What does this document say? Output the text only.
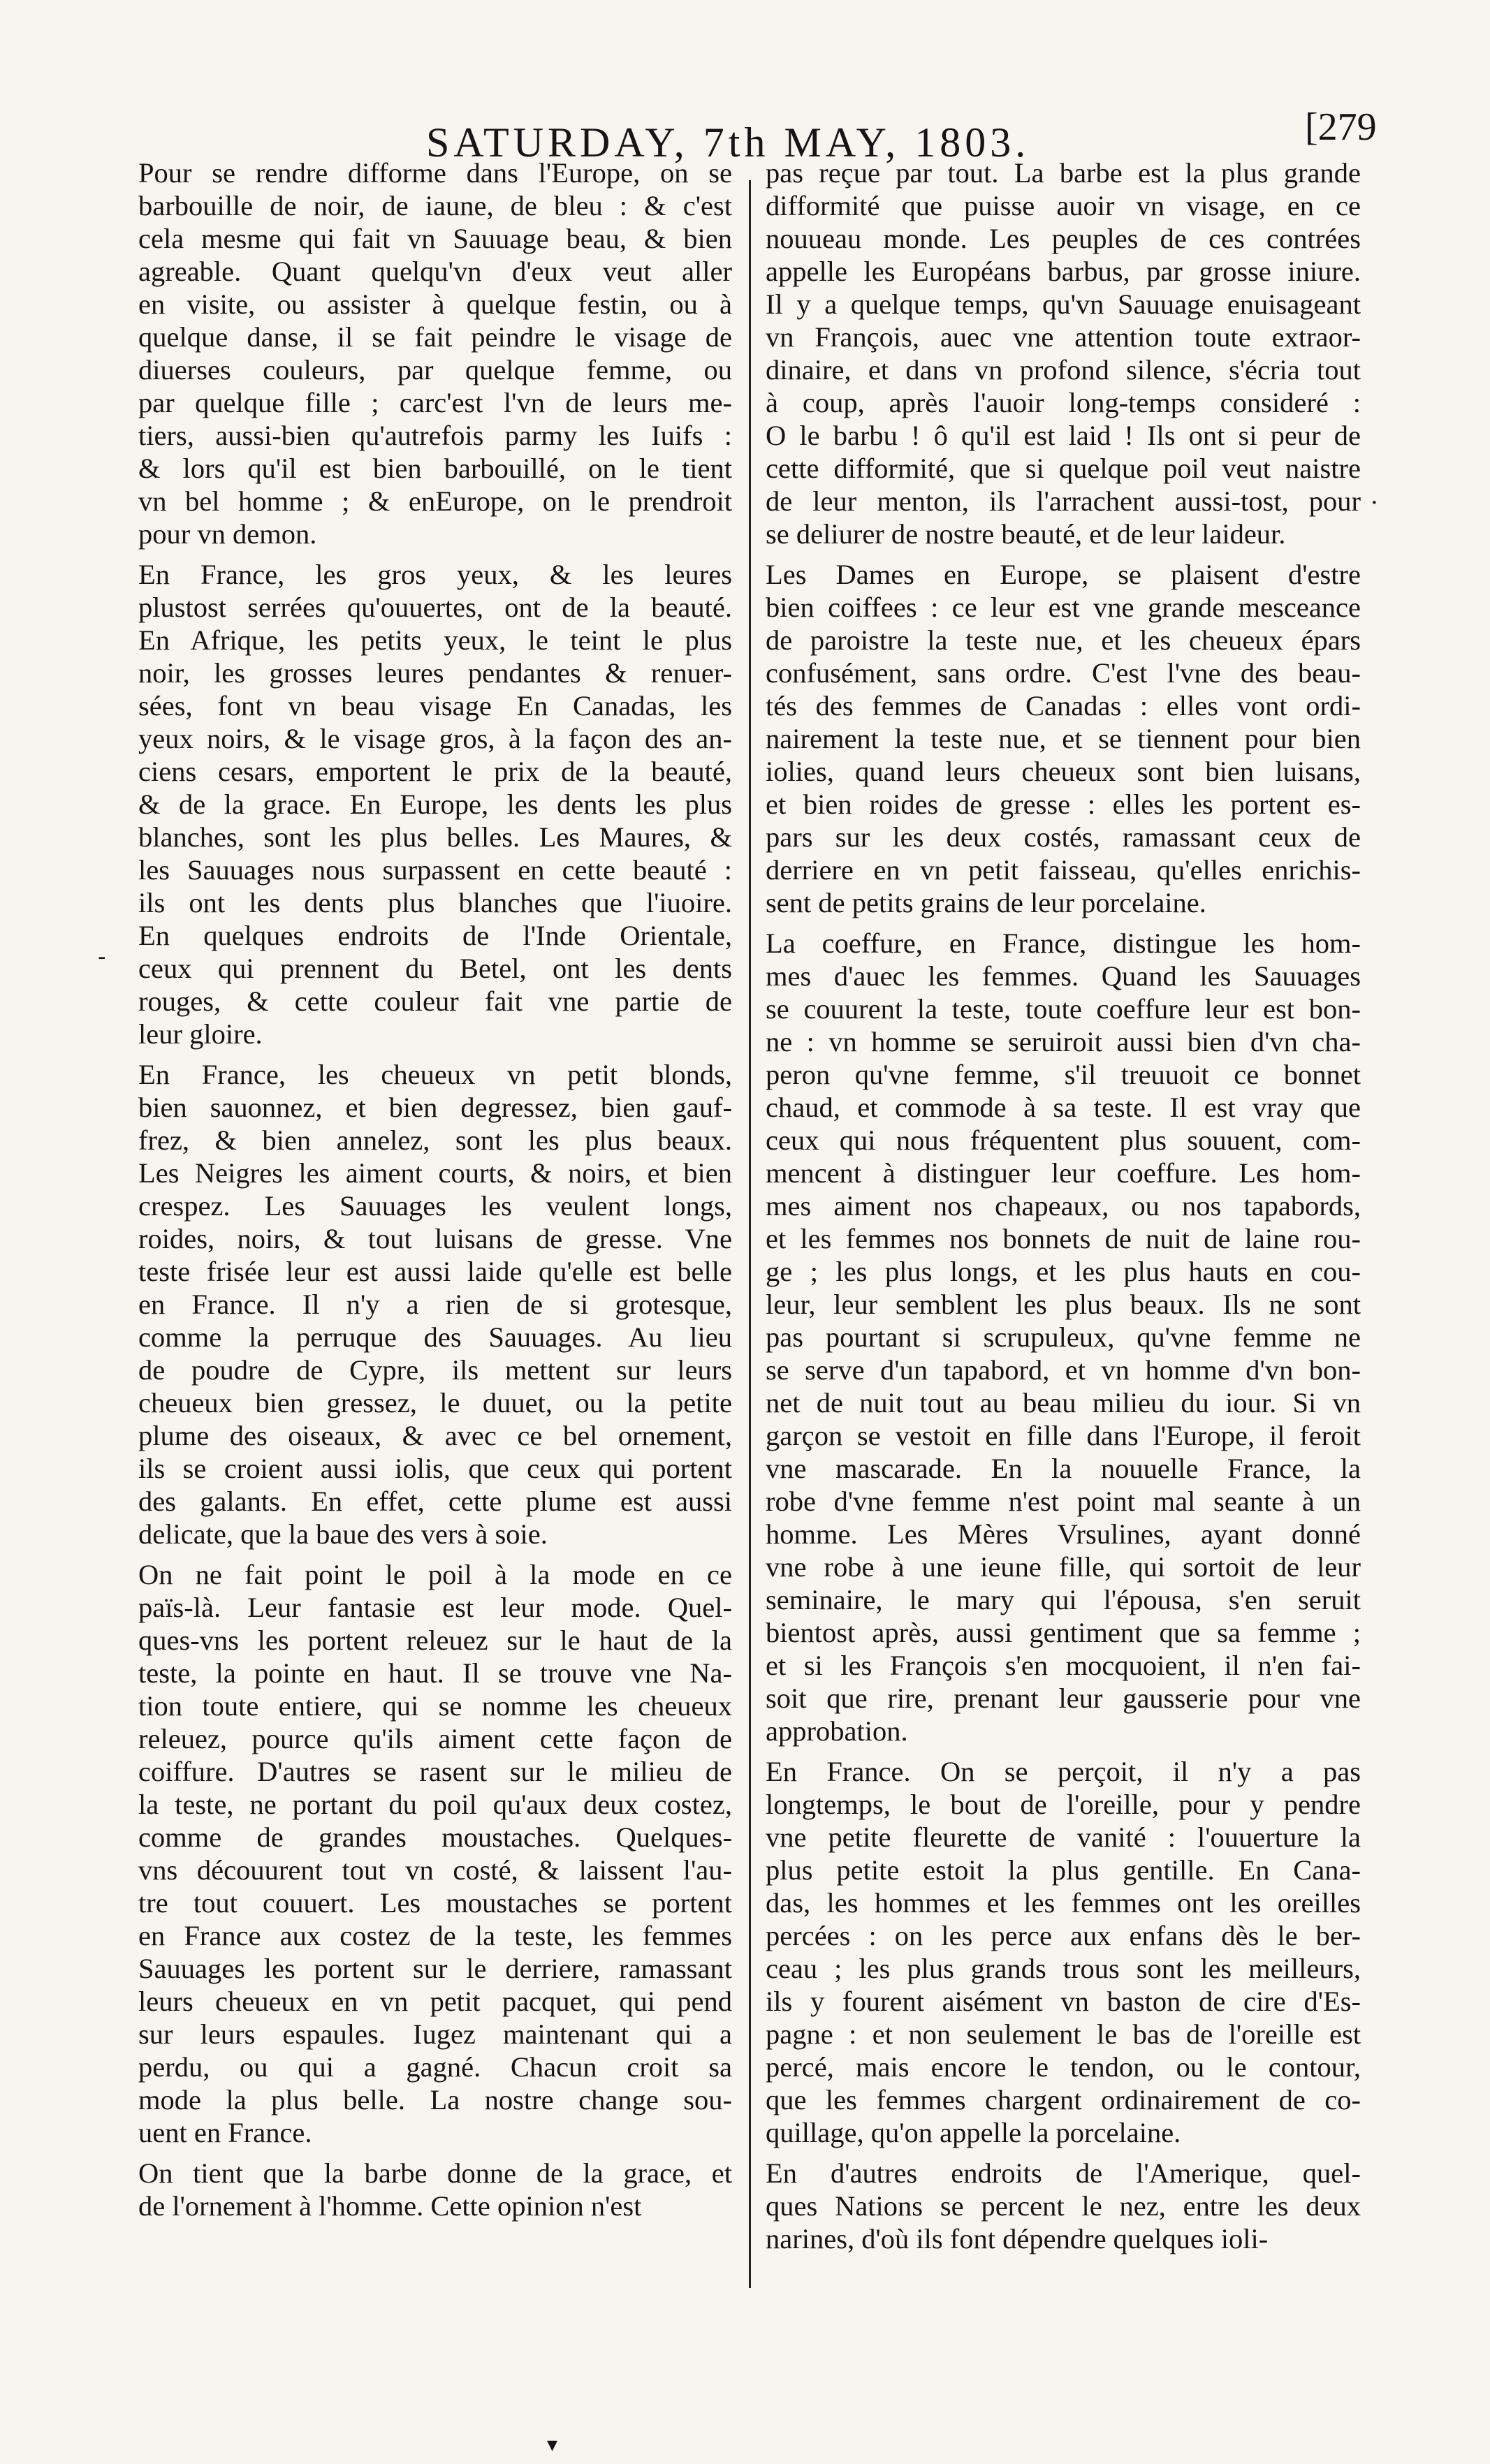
SATURDAY, 7th MAY, 1803.	[279
Pour se rendre difforme dans l'Europe, on se
barbouille de noir, de iaune, de bleu : & c'est
cela mesme qui fait vn Sauuage beau, & bien
agreable. Quant quelqu'vn d'eux veut aller
en visite, ou assister à quelque festin, ou à
quelque danse, il se fait peindre le visage de
diuerses couleurs, par quelque femme, ou
par quelque fille ; carc'est l'vn de leurs me-
tiers, aussi-bien qu'autrefois parmy les Iuifs :
& lors qu'il est bien barbouillé, on le tient
vn bel homme ; & enEurope, on le prendroit
pour vn demon.
En France, les gros yeux, & les leures
plustost serrées qu'ouuertes, ont de la beauté.
En Afrique, les petits yeux, le teint le plus
noir, les grosses leures pendantes & renuer-
sées, font vn beau visage En Canadas, les
yeux noirs, & le visage gros, à la façon des an-
ciens cesars, emportent le prix de la beauté,
& de la grace. En Europe, les dents les plus
blanches, sont les plus belles. Les Maures, &
les Sauuages nous surpassent en cette beauté :
ils ont les dents plus blanches que l'iuoire.
En quelques endroits de l'Inde Orientale,
ceux qui prennent du Betel, ont les dents
rouges, & cette couleur fait vne partie de
leur gloire.
En France, les cheueux vn petit blonds,
bien sauonnez, et bien degressez, bien gauf-
frez, & bien annelez, sont les plus beaux.
Les Neigres les aiment courts, & noirs, et bien
crespez. Les Sauuages les veulent longs,
roides, noirs, & tout luisans de gresse. Vne
teste frisée leur est aussi laide qu'elle est belle
en France. Il n'y a rien de si grotesque,
comme la perruque des Sauuages. Au lieu
de poudre de Cypre, ils mettent sur leurs
cheueux bien gressez, le duuet, ou la petite
plume des oiseaux, & avec ce bel ornement,
ils se croient aussi iolis, que ceux qui portent
des galants. En effet, cette plume est aussi
delicate, que la baue des vers à soie.
On ne fait point le poil à la mode en ce
païs-là. Leur fantasie est leur mode. Quel-
ques-vns les portent releuez sur le haut de la
teste, la pointe en haut. Il se trouve vne Na-
tion toute entiere, qui se nomme les cheueux
releuez, pource qu'ils aiment cette façon de
coiffure. D'autres se rasent sur le milieu de
la teste, ne portant du poil qu'aux deux costez,
comme de grandes moustaches. Quelques-
vns découurent tout vn costé, & laissent l'au-
tre tout couuert. Les moustaches se portent
en France aux costez de la teste, les femmes
Sauuages les portent sur le derriere, ramassant
leurs cheueux en vn petit pacquet, qui pend
sur leurs espaules. Iugez maintenant qui a
perdu, ou qui a gagné. Chacun croit sa
mode la plus belle. La nostre change sou-
uent en France.
On tient que la barbe donne de la grace, et
de l'ornement à l'homme. Cette opinion n'est
pas reçue par tout. La barbe est la plus grande
difformité que puisse auoir vn visage, en ce
nouueau monde. Les peuples de ces contrées
appelle les Européans barbus, par grosse iniure.
Il y a quelque temps, qu'vn Sauuage enuisageant
vn François, auec vne attention toute extraor-
dinaire, et dans vn profond silence, s'écria tout
à coup, après l'auoir long-temps consideré :
O le barbu ! ô qu'il est laid ! Ils ont si peur de
cette difformité, que si quelque poil veut naistre
de leur menton, ils l'arrachent aussi-tost, pour
se deliurer de nostre beauté, et de leur laideur.
Les Dames en Europe, se plaisent d'estre
bien coiffees : ce leur est vne grande mesceance
de paroistre la teste nue, et les cheueux épars
confusément, sans ordre. C'est l'vne des beau-
tés des femmes de Canadas : elles vont ordi-
nairement la teste nue, et se tiennent pour bien
iolies, quand leurs cheueux sont bien luisans,
et bien roides de gresse : elles les portent es-
pars sur les deux costés, ramassant ceux de
derriere en vn petit faisseau, qu'elles enrichis-
sent de petits grains de leur porcelaine.
La coeffure, en France, distingue les hom-
mes d'auec les femmes. Quand les Sauuages
se couurent la teste, toute coeffure leur est bon-
ne : vn homme se seruiroit aussi bien d'vn cha-
peron qu'vne femme, s'il treuuoit ce bonnet
chaud, et commode à sa teste. Il est vray que
ceux qui nous fréquentent plus souuent, com-
mencent à distinguer leur coeffure. Les hom-
mes aiment nos chapeaux, ou nos tapabords,
et les femmes nos bonnets de nuit de laine rou-
ge ; les plus longs, et les plus hauts en cou-
leur, leur semblent les plus beaux. Ils ne sont
pas pourtant si scrupuleux, qu'vne femme ne
se serve d'un tapabord, et vn homme d'vn bon-
net de nuit tout au beau milieu du iour. Si vn
garçon se vestoit en fille dans l'Europe, il feroit
vne mascarade. En la nouuelle France, la
robe d'vne femme n'est point mal seante à un
homme. Les Mères Vrsulines, ayant donné
vne robe à une ieune fille, qui sortoit de leur
seminaire, le mary qui l'épousa, s'en seruit
bientost après, aussi gentiment que sa femme ;
et si les François s'en mocquoient, il n'en fai-
soit que rire, prenant leur gausserie pour vne
approbation.
En France. On se perçoit, il n'y a pas
longtemps, le bout de l'oreille, pour y pendre
vne petite fleurette de vanité : l'ouuerture la
plus petite estoit la plus gentille. En Cana-
das, les hommes et les femmes ont les oreilles
percées : on les perce aux enfans dès le ber-
ceau ; les plus grands trous sont les meilleurs,
ils y fourent aisément vn baston de cire d'Es-
pagne : et non seulement le bas de l'oreille est
percé, mais encore le tendon, ou le contour,
que les femmes chargent ordinairement de co-
quillage, qu'on appelle la porcelaine.
En d'autres endroits de l'Amerique, quel-
ques Nations se percent le nez, entre les deux
narines, d'où ils font dépendre quelques ioli-
-
·
▾
